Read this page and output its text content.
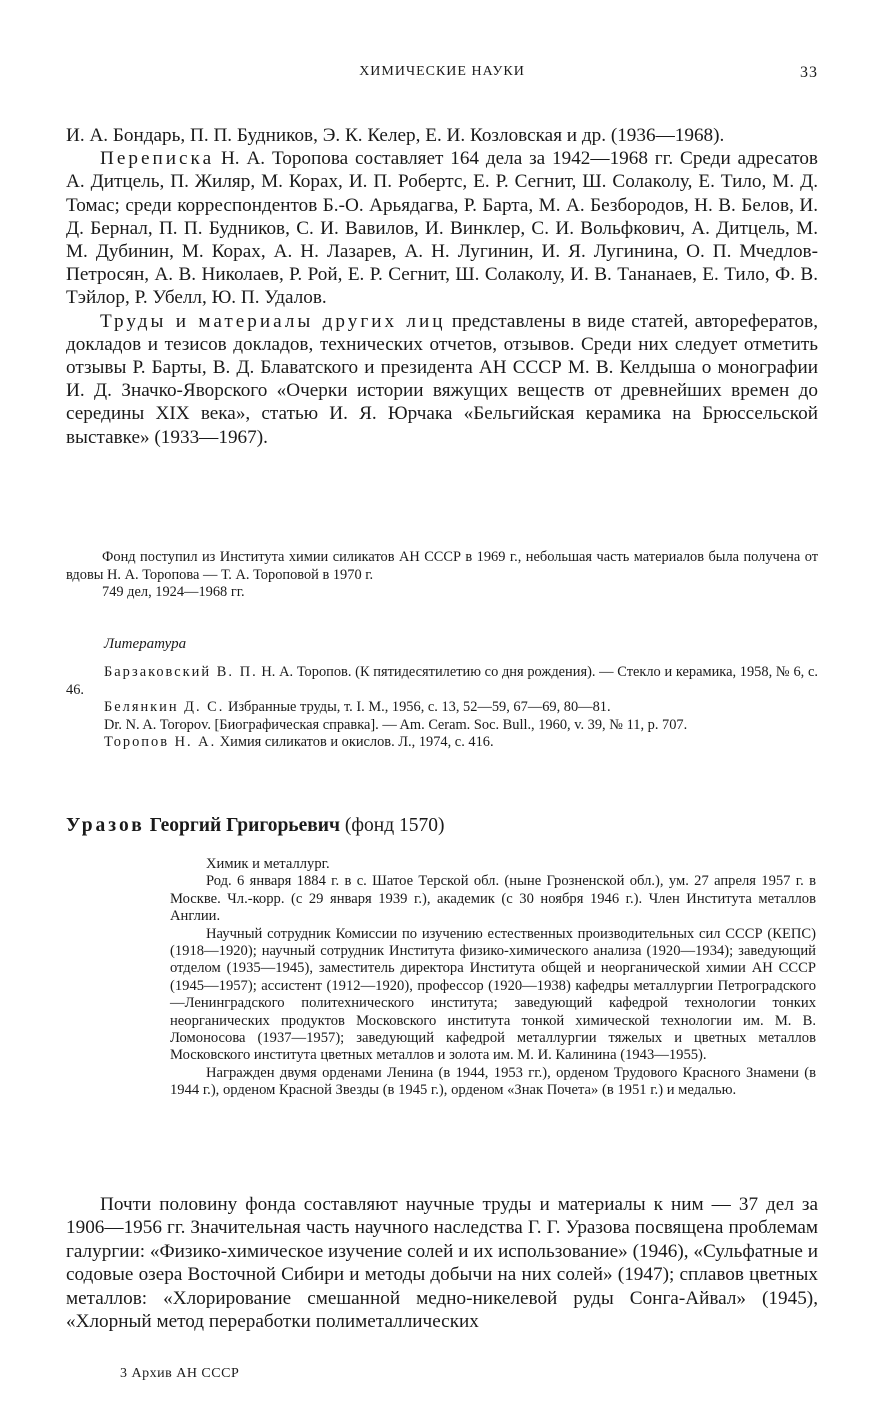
ХИМИЧЕСКИЕ НАУКИ	33

И. А. Бондарь, П. П. Будников, Э. К. Келер, Е. И. Козловская и др. (1936—1968).

Переписка Н. А. Торопова составляет 164 дела за 1942—1968 гг. Среди адресатов А. Дитцель, П. Жиляр, М. Корах, И. П. Робертс, Е. Р. Сегнит, Ш. Солаколу, Е. Тило, М. Д. Томас; среди корреспондентов Б.-О. Арьядагва, Р. Барта, М. А. Безбородов, Н. В. Белов, И. Д. Бернал, П. П. Будников, С. И. Вавилов, И. Винклер, С. И. Вольфкович, А. Дитцель, М. М. Дубинин, М. Корах, А. Н. Лазарев, А. Н. Лугинин, И. Я. Лугинина, О. П. Мчедлов-Петросян, А. В. Николаев, Р. Рой, Е. Р. Сегнит, Ш. Солаколу, И. В. Тананаев, Е. Тило, Ф. В. Тэйлор, Р. Убелл, Ю. П. Удалов.

Труды и материалы других лиц представлены в виде статей, авторефератов, докладов и тезисов докладов, технических отчетов, отзывов. Среди них следует отметить отзывы Р. Барты, В. Д. Блаватского и президента АН СССР М. В. Келдыша о монографии И. Д. Значко-Яворского «Очерки истории вяжущих веществ от древнейших времен до середины XIX века», статью И. Я. Юрчака «Бельгийская керамика на Брюссельской выставке» (1933—1967).

Фонд поступил из Института химии силикатов АН СССР в 1969 г., небольшая часть материалов была получена от вдовы Н. А. Торопова — Т. А. Тороповой в 1970 г.

749 дел, 1924—1968 гг.

Литература

Барзаковский В. П. Н. А. Торопов. (К пятидесятилетию со дня рождения). — Стекло и керамика, 1958, № 6, с. 46.

Белянкин Д. С. Избранные труды, т. I. М., 1956, с. 13, 52—59, 67—69, 80—81.

Dr. N. A. Toropov. [Биографическая справка]. — Am. Ceram. Soc. Bull., 1960, v. 39, № 11, p. 707.

Торопов Н. А. Химия силикатов и окислов. Л., 1974, с. 416.

Уразов Георгий Григорьевич (фонд 1570)

Химик и металлург.

Род. 6 января 1884 г. в с. Шатое Терской обл. (ныне Грозненской обл.), ум. 27 апреля 1957 г. в Москве. Чл.-корр. (с 29 января 1939 г.), академик (с 30 ноября 1946 г.). Член Института металлов Англии.

Научный сотрудник Комиссии по изучению естественных производительных сил СССР (КЕПС) (1918—1920); научный сотрудник Института физико-химического анализа (1920—1934); заведующий отделом (1935—1945), заместитель директора Института общей и неорганической химии АН СССР (1945—1957); ассистент (1912—1920), профессор (1920—1938) кафедры металлургии Петроградского—Ленинградского политехнического института; заведующий кафедрой технологии тонких неорганических продуктов Московского института тонкой химической технологии им. М. В. Ломоносова (1937—1957); заведующий кафедрой металлургии тяжелых и цветных металлов Московского института цветных металлов и золота им. М. И. Калинина (1943—1955).

Награжден двумя орденами Ленина (в 1944, 1953 гг.), орденом Трудового Красного Знамени (в 1944 г.), орденом Красной Звезды (в 1945 г.), орденом «Знак Почета» (в 1951 г.) и медалью.

Почти половину фонда составляют научные труды и материалы к ним — 37 дел за 1906—1956 гг. Значительная часть научного наследства Г. Г. Уразова посвящена проблемам галургии: «Физико-химическое изучение солей и их использование» (1946), «Сульфатные и содовые озера Восточной Сибири и методы добычи на них солей» (1947); сплавов цветных металлов: «Хлорирование смешанной медно-никелевой руды Сонга-Айвал» (1945), «Хлорный метод переработки полиметаллических

3 Архив АН СССР
